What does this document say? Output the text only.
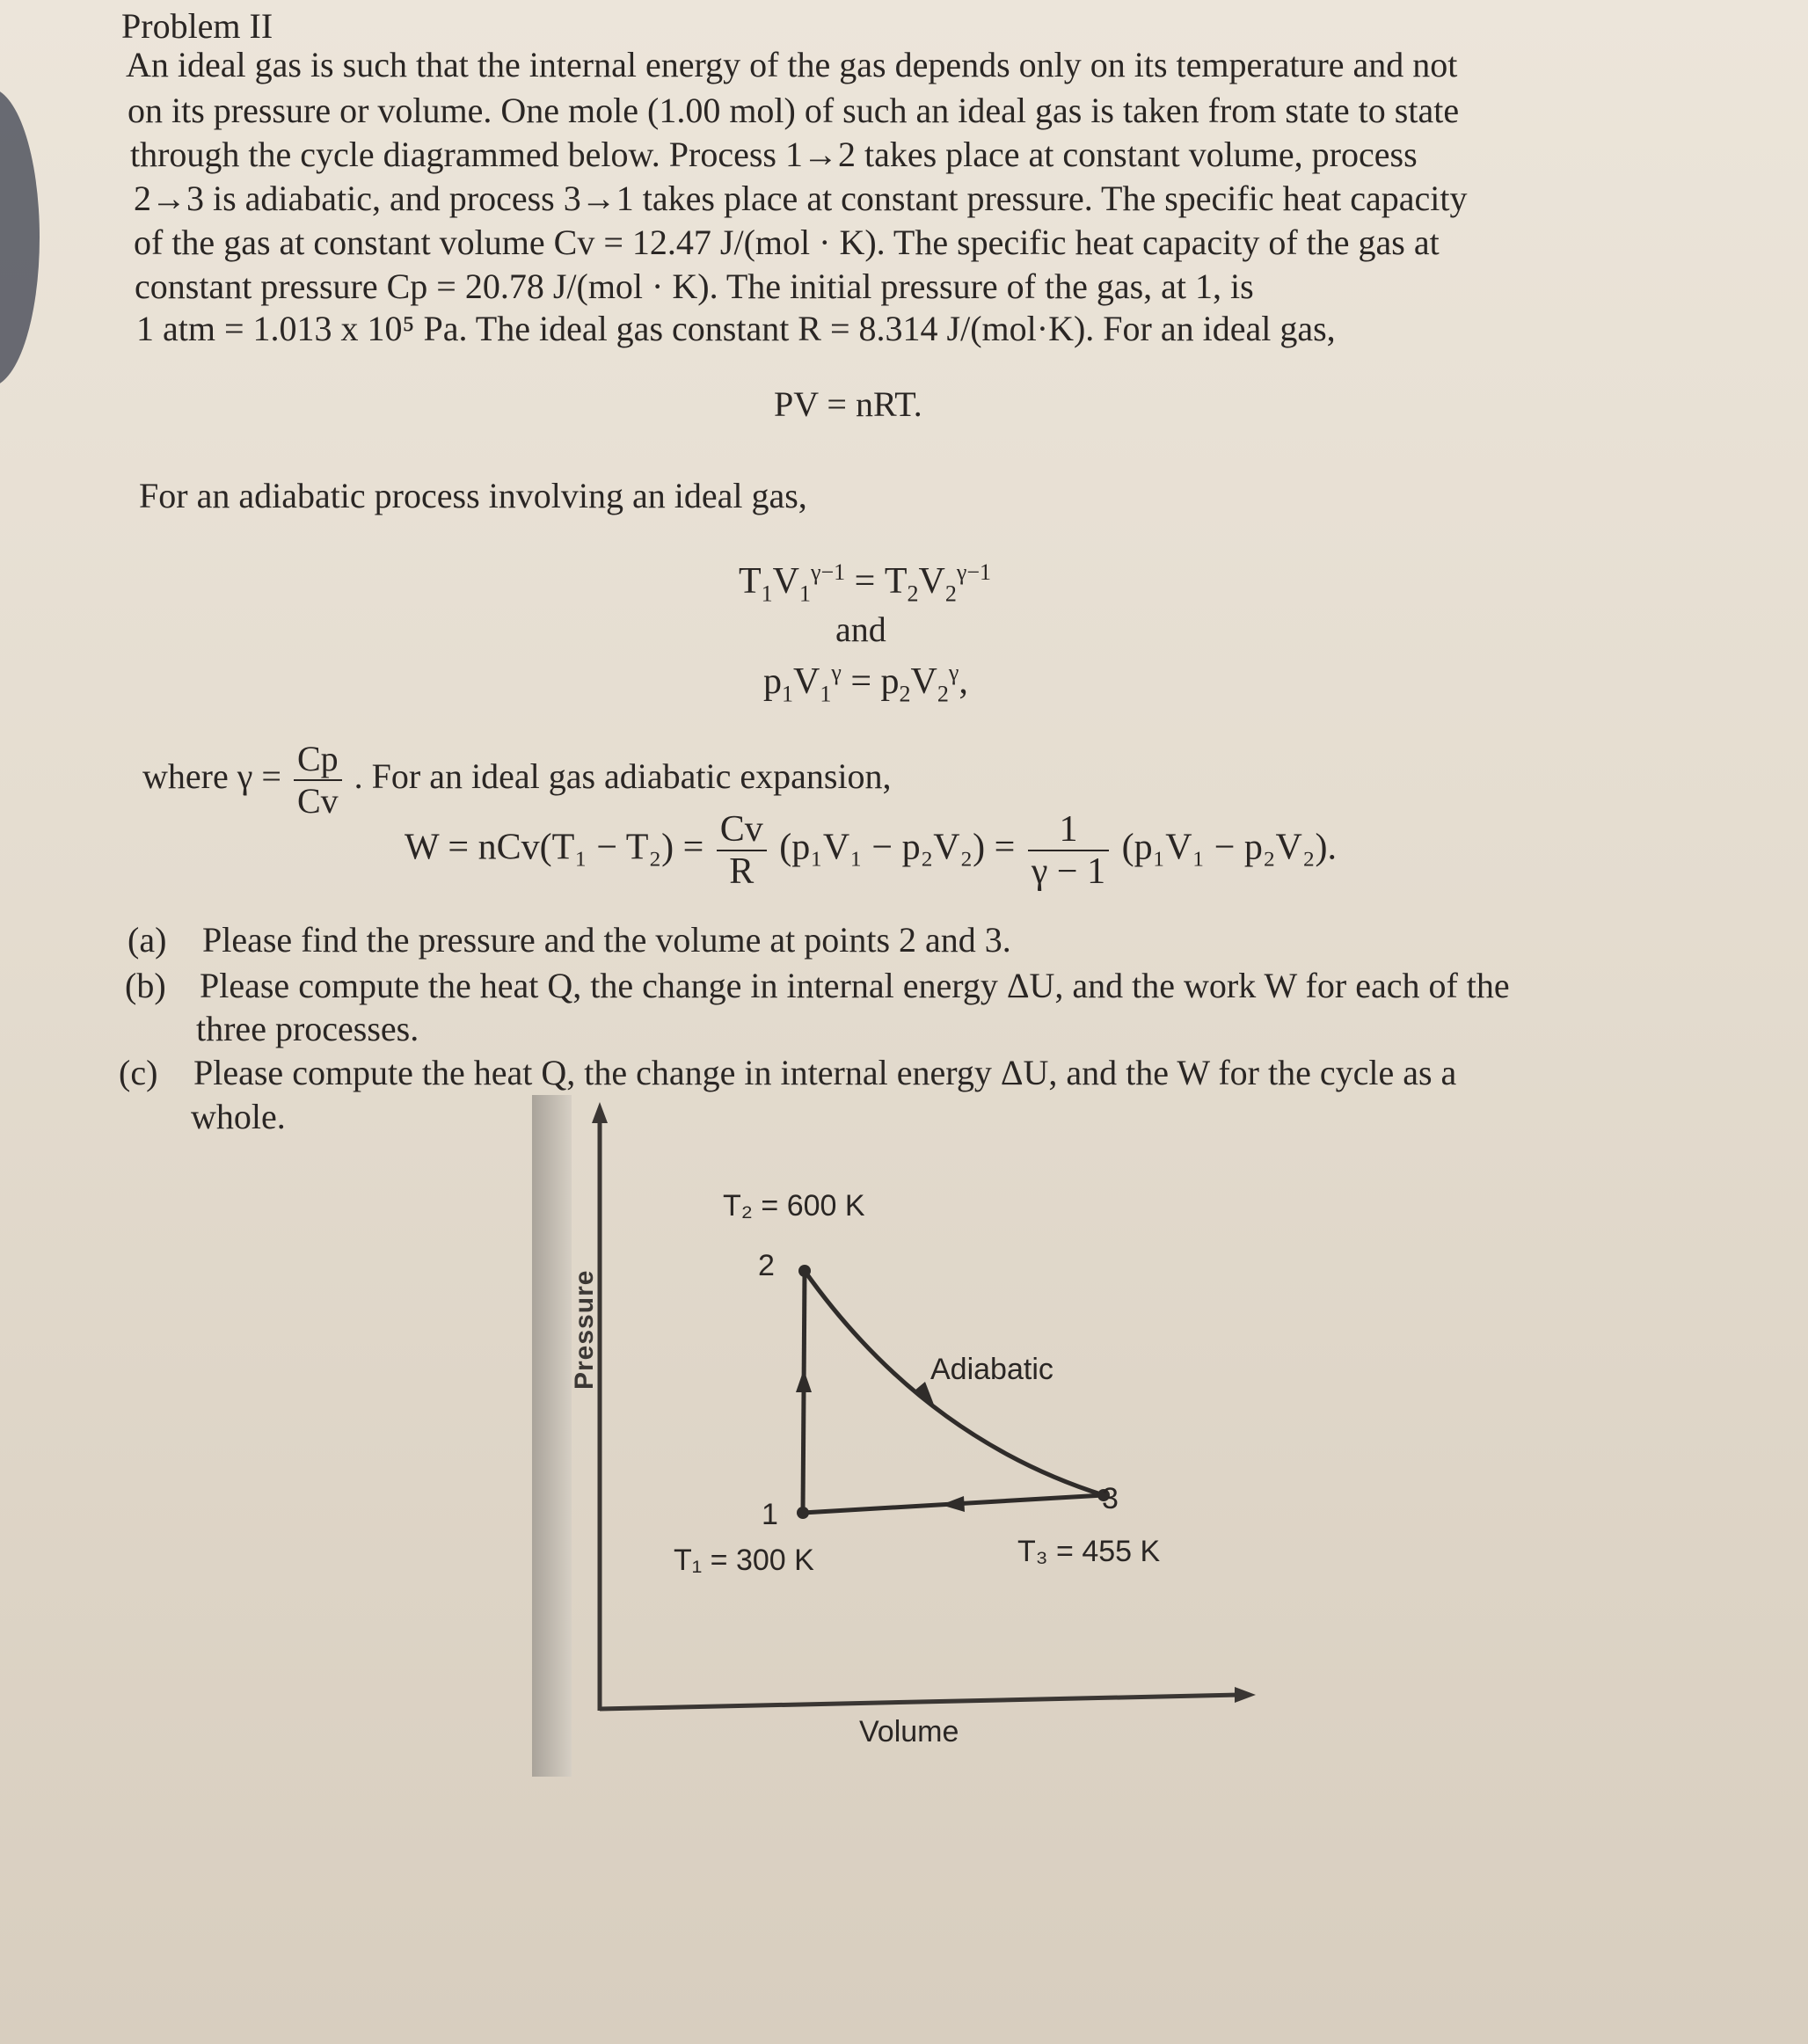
Problem II
An ideal gas is such that the internal energy of the gas depends only on its temperature and not
on its pressure or volume. One mole (1.00 mol) of such an ideal gas is taken from state to state
through the cycle diagrammed below. Process 1→2 takes place at constant volume, process
2→3 is adiabatic, and process 3→1 takes place at constant pressure. The specific heat capacity
of the gas at constant volume Cv = 12.47 J/(mol · K). The specific heat capacity of the gas at
constant pressure Cp = 20.78 J/(mol · K). The initial pressure of the gas, at 1, is
1 atm = 1.013 x 10⁵ Pa. The ideal gas constant R = 8.314 J/(mol·K). For an ideal gas,
PV = nRT.
For an adiabatic process involving an ideal gas,
$T_1V_1^{\gamma-1} = T_2V_2^{\gamma-1}$
and
$p_1V_1^\gamma = p_2V_2^\gamma$,
where $\gamma = \frac{Cp}{Cv}$ . For an ideal gas adiabatic expansion,
$W = nCv(T_1 - T_2) = \frac{Cv}{R} (p_1V_1 - p_2V_2) = \frac{1}{\gamma - 1} (p_1V_1 - p_2V_2)$.
(a) Please find the pressure and the volume at points 2 and 3.
(b) Please compute the heat Q, the change in internal energy ΔU, and the work W for each of the
three processes.
(c) Please compute the heat Q, the change in internal energy ΔU, and the W for the cycle as a
whole.
Pressure
Volume
T₂ = 600 K
2
Adiabatic
1	3
T₁ = 300 K	T₃ = 455 K
